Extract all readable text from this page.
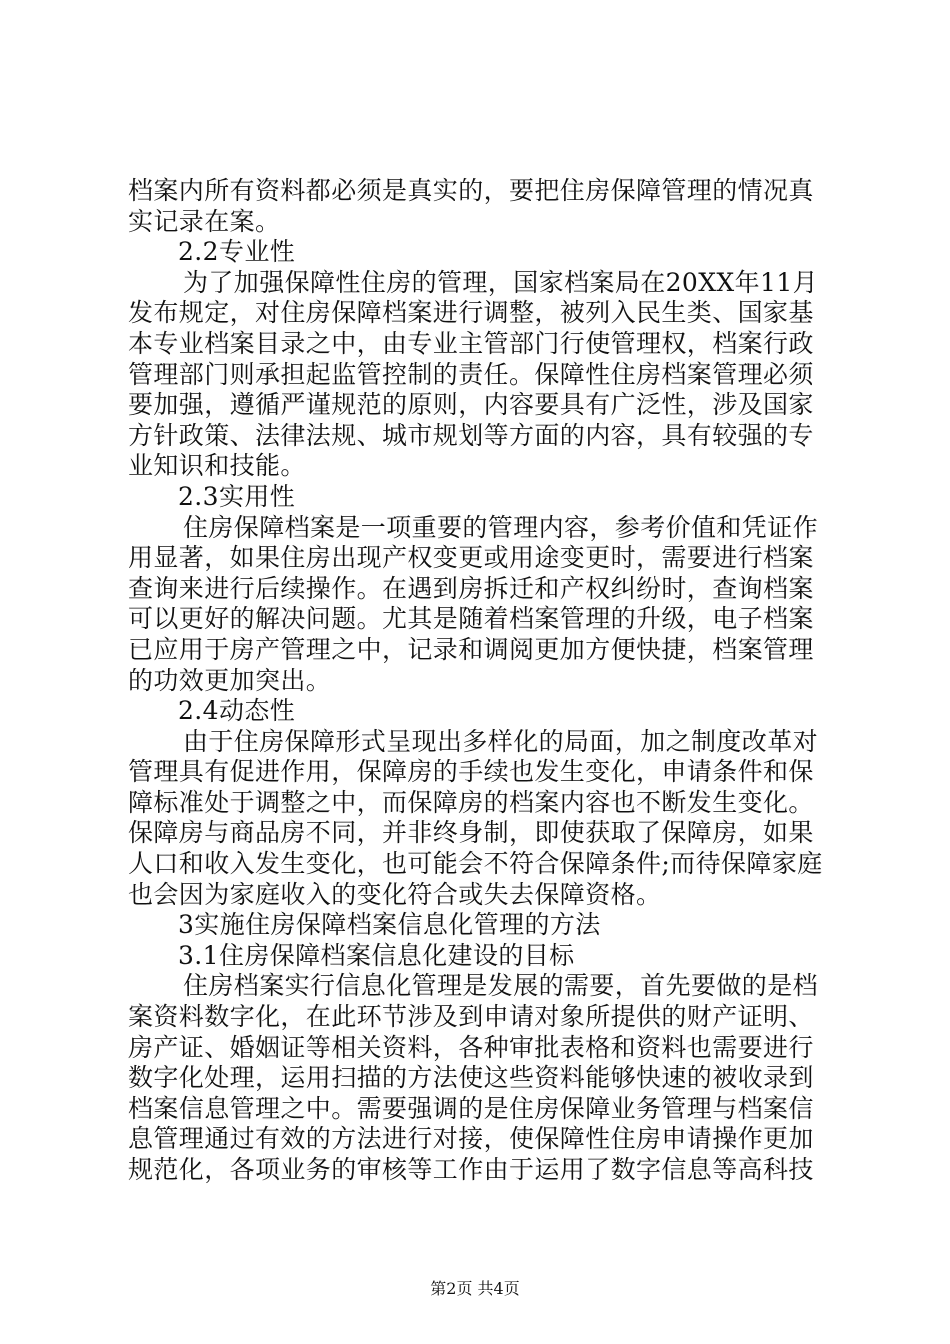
档案内所有资料都必须是真实的，要把住房保障管理的情况真
实记录在案。
2.2专业性
为了加强保障性住房的管理，国家档案局在20XX年11月
发布规定，对住房保障档案进行调整，被列入民生类、国家基
本专业档案目录之中，由专业主管部门行使管理权，档案行政
管理部门则承担起监管控制的责任。保障性住房档案管理必须
要加强，遵循严谨规范的原则，内容要具有广泛性，涉及国家
方针政策、法律法规、城市规划等方面的内容，具有较强的专
业知识和技能。
2.3实用性
住房保障档案是一项重要的管理内容，参考价值和凭证作
用显著，如果住房出现产权变更或用途变更时，需要进行档案
查询来进行后续操作。在遇到房拆迁和产权纠纷时，查询档案
可以更好的解决问题。尤其是随着档案管理的升级，电子档案
已应用于房产管理之中，记录和调阅更加方便快捷，档案管理
的功效更加突出。
2.4动态性
由于住房保障形式呈现出多样化的局面，加之制度改革对
管理具有促进作用，保障房的手续也发生变化，申请条件和保
障标准处于调整之中，而保障房的档案内容也不断发生变化。
保障房与商品房不同，并非终身制，即使获取了保障房，如果
人口和收入发生变化，也可能会不符合保障条件;而待保障家庭
也会因为家庭收入的变化符合或失去保障资格。
3实施住房保障档案信息化管理的方法
3.1住房保障档案信息化建设的目标
住房档案实行信息化管理是发展的需要，首先要做的是档
案资料数字化，在此环节涉及到申请对象所提供的财产证明、
房产证、婚姻证等相关资料，各种审批表格和资料也需要进行
数字化处理，运用扫描的方法使这些资料能够快速的被收录到
档案信息管理之中。需要强调的是住房保障业务管理与档案信
息管理通过有效的方法进行对接，使保障性住房申请操作更加
规范化，各项业务的审核等工作由于运用了数字信息等高科技
第2页 共4页
